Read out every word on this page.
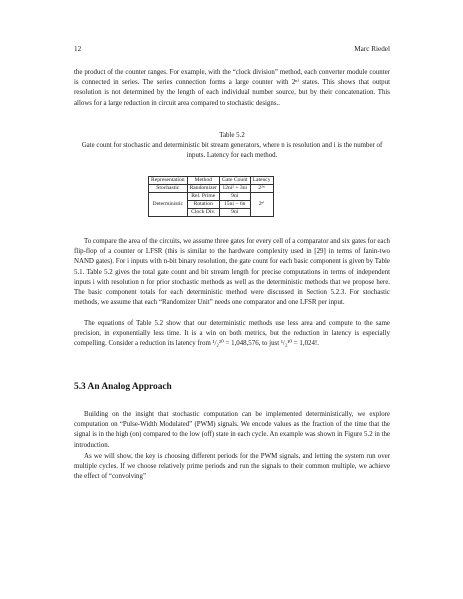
12	Marc Riedel

the product of the counter ranges. For example, with the “clock division” method, each converter module counter is connected in series. The series connection forms a large counter with 2ⁿⁱ states. This shows that output resolution is not determined by the length of each individual number source, but by their concatenation. This allows for a large reduction in circuit area compared to stochastic designs..

Table 5.2
Gate count for stochastic and deterministic bit stream generators, where n is resolution and i is the number of inputs. Latency for each method.
Representation	Method	Gate Count	Latency
Stochastic	Randomizer	12ni² + 3ni	2²ⁿ
Deterministic	Rel. Prime	9ni	2ⁿⁱ
	Rotation	15ni − 6n	
	Clock Div.	9ni	

To compare the area of the circuits, we assume three gates for every cell of a comparator and six gates for each flip-flop of a counter or LFSR (this is similar to the hardware complexity used in [29] in terms of fanin-two NAND gates). For i inputs with n-bit binary resolution, the gate count for each basic component is given by Table 5.1. Table 5.2 gives the total gate count and bit stream length for precise computations in terms of independent inputs i with resolution n for prior stochastic methods as well as the deterministic methods that we propose here. The basic component totals for each deterministic method were discussed in Section 5.2.3. For stochastic methods, we assume that each “Randomizer Unit” needs one comparator and one LFSR per input.

The equations of Table 5.2 show that our deterministic methods use less area and compute to the same precision, in exponentially less time. It is a win on both metrics, but the reduction in latency is especially compelling. Consider a reduction its latency from ¹/₂²⁰ = 1,048,576, to just ¹/₂¹⁰ = 1,024!.

5.3 An Analog Approach

Building on the insight that stochastic computation can be implemented deterministically, we explore computation on “Pulse-Width Modulated” (PWM) signals. We encode values as the fraction of the time that the signal is in the high (on) compared to the low (off) state in each cycle. An example was shown in Figure 5.2 in the introduction.

As we will show, the key is choosing different periods for the PWM signals, and letting the system run over multiple cycles. If we choose relatively prime periods and run the signals to their common multiple, we achieve the effect of “convolving”
